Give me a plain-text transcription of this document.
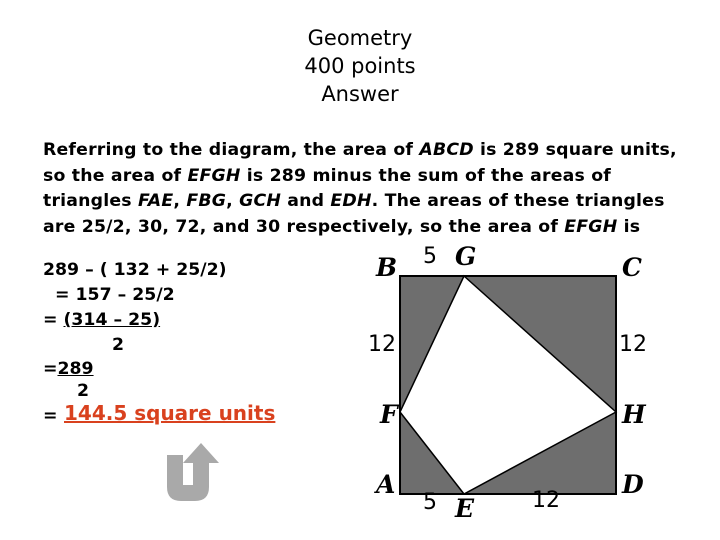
Geometry
400 points
Answer
Referring to the diagram, the area of ABCD is 289 square units, so the area of EFGH is 289 minus the sum of the areas of triangles FAE, FBG, GCH and EDH. The areas of these triangles are 25/2, 30, 72, and 30 respectively, so the area of EFGH is
289 – ( 132 + 25/2)
= 157 – 25/2
= (314 – 25)
2
=289
2
= 144.5 square units
B G	C
F	H
A
E
D
5
12	12
5	12
